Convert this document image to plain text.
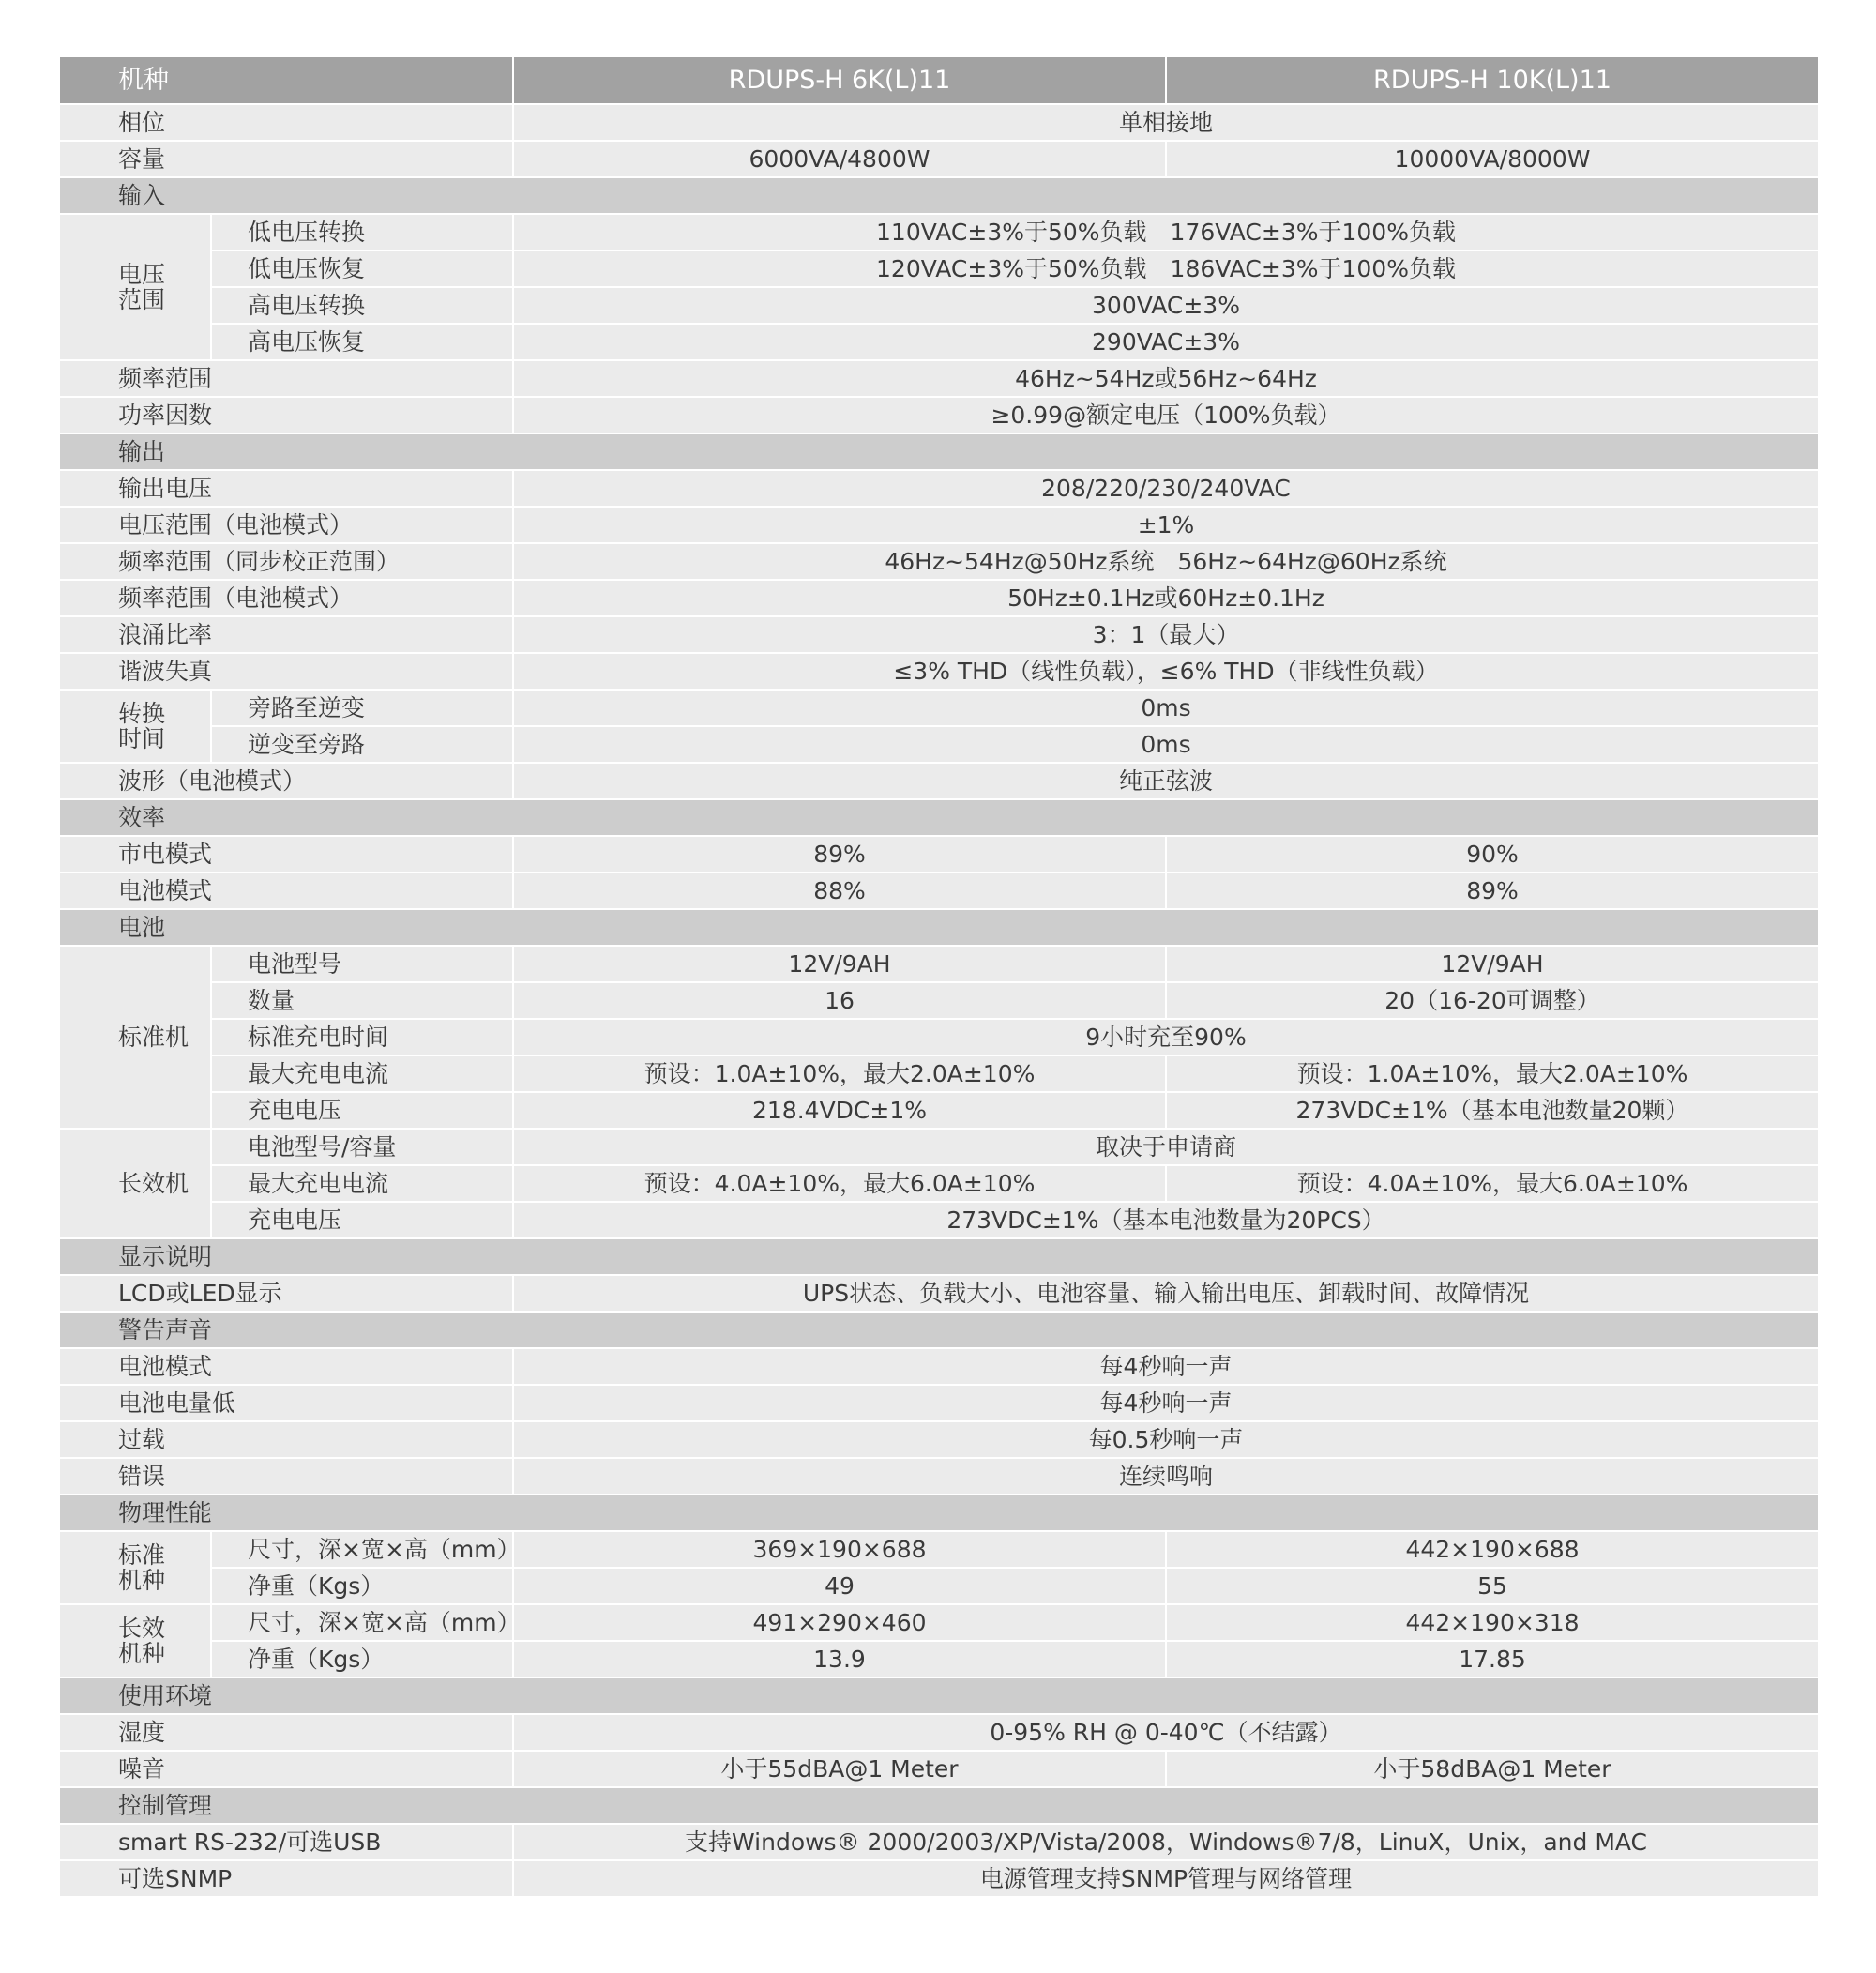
机种		RDUPS-H 6K(L)11	RDUPS-H 10K(L)11
相位		单相接地	
容量		6000VA/4800W	10000VA/8000W
输入			
电压
范围	低电压转换	110VAC±3%于50%负载　176VAC±3%于100%负载	
	低电压恢复	120VAC±3%于50%负载　186VAC±3%于100%负载	
	高电压转换	300VAC±3%	
	高电压恢复	290VAC±3%	
频率范围		46Hz~54Hz或56Hz~64Hz	
功率因数		≥0.99@额定电压（100%负载）	
输出			
输出电压		208/220/230/240VAC	
电压范围（电池模式）		±1%	
频率范围（同步校正范围）		46Hz~54Hz@50Hz系统　56Hz~64Hz@60Hz系统	
频率范围（电池模式）		50Hz±0.1Hz或60Hz±0.1Hz	
浪涌比率		3：1（最大）	
谐波失真		≤3% THD（线性负载），≤6% THD（非线性负载）	
转换
时间	旁路至逆变	0ms	
	逆变至旁路	0ms	
波形（电池模式）		纯正弦波	
效率			
市电模式		89%	90%
电池模式		88%	89%
电池			
标准机	电池型号	12V/9AH	12V/9AH
	数量	16	20（16-20可调整）
	标准充电时间	9小时充至90%	
	最大充电电流	预设：1.0A±10%，最大2.0A±10%	预设：1.0A±10%，最大2.0A±10%
	充电电压	218.4VDC±1%	273VDC±1%（基本电池数量20颗）
长效机	电池型号/容量	取决于申请商	
	最大充电电流	预设：4.0A±10%，最大6.0A±10%	预设：4.0A±10%，最大6.0A±10%
	充电电压	273VDC±1%（基本电池数量为20PCS）	
显示说明			
LCD或LED显示		UPS状态、负载大小、电池容量、输入输出电压、卸载时间、故障情况	
警告声音			
电池模式		每4秒响一声	
电池电量低		每4秒响一声	
过载		每0.5秒响一声	
错误		连续鸣响	
物理性能			
标准
机种	尺寸，深×宽×高（mm）	369×190×688	442×190×688
	净重（Kgs）	49	55
长效
机种	尺寸，深×宽×高（mm）	491×290×460	442×190×318
	净重（Kgs）	13.9	17.85
使用环境			
湿度		0-95% RH @ 0-40℃（不结露）	
噪音		小于55dBA@1 Meter	小于58dBA@1 Meter
控制管理			
smart RS-232/可选USB		支持Windows® 2000/2003/XP/Vista/2008，Windows®7/8，LinuX，Unix，and MAC	
可选SNMP		电源管理支持SNMP管理与网络管理	
